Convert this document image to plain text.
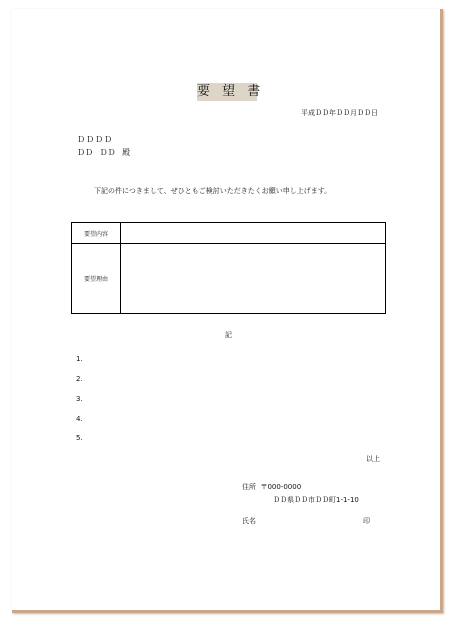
要 望 書
平成ＤＤ年ＤＤ月ＤＤ日
ＤＤＤＤ
ＤＤ ＤＤ 殿
下記の件につきまして、ぜひともご検討いただきたくお願い申し上げます。
要望内容	
要望理由	
記
1.
2.
3.
4.
5.
以上
住所 〒000-0000
ＤＤ県ＤＤ市ＤＤ町1-1-10
氏名	印
